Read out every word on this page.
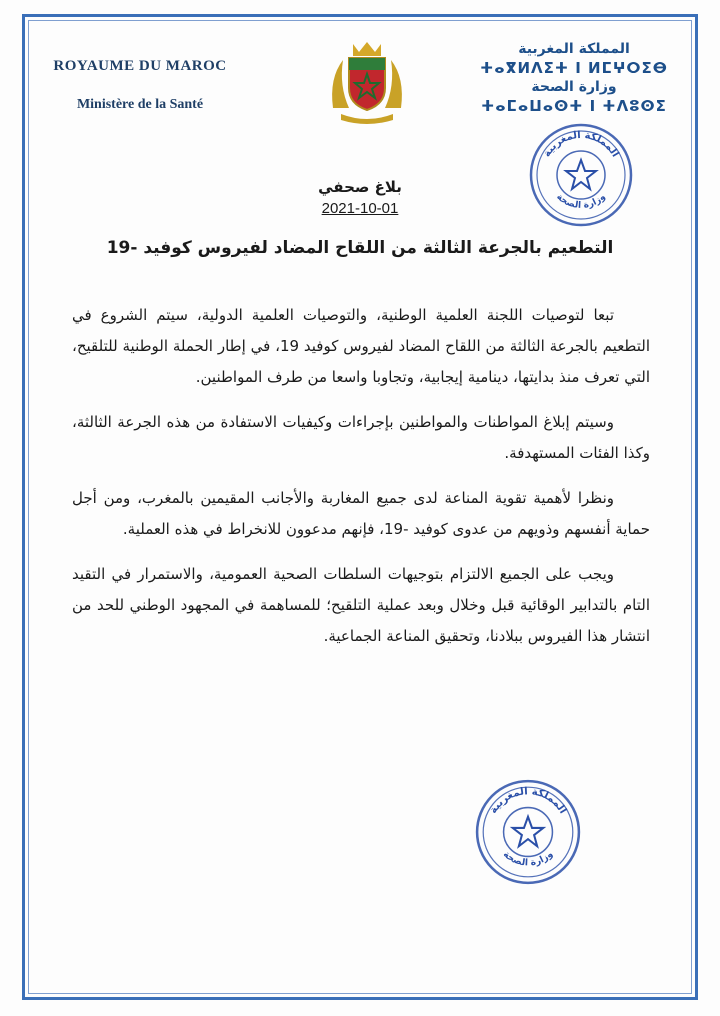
ROYAUME DU MAROC
Ministère de la Santé
المملكة المغربية
ⵜⴰⴳⵍⴷⵉⵜ ⵏ ⵍⵎⵖⵔⵉⴱ
وزارة الصحة
ⵜⴰⵎⴰⵡⴰⵙⵜ ⵏ ⵜⴷⵓⵙⵉ
المملكة المغربية
وزارة الصحة
بلاغ صحفي
2021-10-01
التطعيم بالجرعة الثالثة من اللقاح المضاد لفيروس كوفيد -19

تبعا لتوصيات اللجنة العلمية الوطنية، والتوصيات العلمية الدولية، سيتم الشروع في التطعيم بالجرعة الثالثة من اللقاح المضاد لفيروس كوفيد 19، في إطار الحملة الوطنية للتلقيح، التي تعرف منذ بدايتها، دينامية إيجابية، وتجاوبا واسعا من طرف المواطنين.

وسيتم إبلاغ المواطنات والمواطنين بإجراءات وكيفيات الاستفادة من هذه الجرعة الثالثة، وكذا الفئات المستهدفة.

ونظرا لأهمية تقوية المناعة لدى جميع المغاربة والأجانب المقيمين بالمغرب، ومن أجل حماية أنفسهم وذويهم من عدوى كوفيد -19، فإنهم مدعوون للانخراط في هذه العملية.

ويجب على الجميع الالتزام بتوجيهات السلطات الصحية العمومية، والاستمرار في التقيد التام بالتدابير الوقائية قبل وخلال وبعد عملية التلقيح؛ للمساهمة في المجهود الوطني للحد من انتشار هذا الفيروس ببلادنا، وتحقيق المناعة الجماعية.

المملكة المغربية
وزارة الصحة
